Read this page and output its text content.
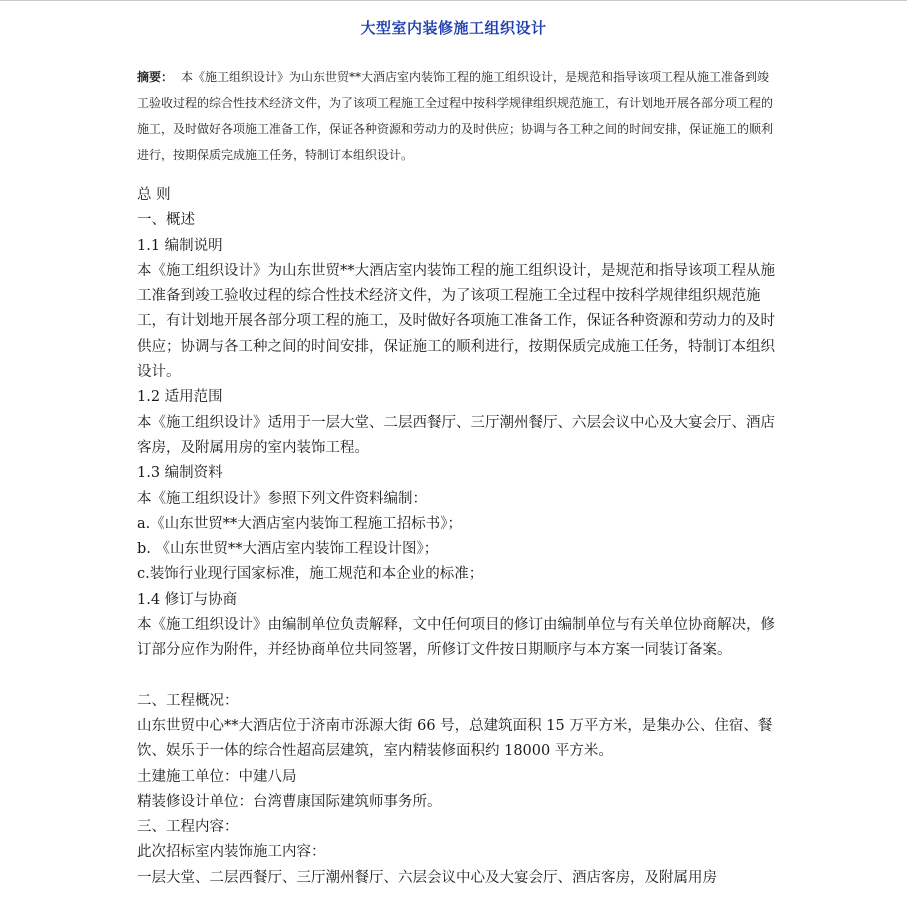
大型室内装修施工组织设计

摘要： 本《施工组织设计》为山东世贸**大酒店室内装饰工程的施工组织设计，是规范和指导该项工程从施工准备到竣工验收过程的综合性技术经济文件，为了该项工程施工全过程中按科学规律组织规范施工，有计划地开展各部分项工程的施工，及时做好各项施工准备工作，保证各种资源和劳动力的及时供应；协调与各工种之间的时间安排，保证施工的顺利进行，按期保质完成施工任务，特制订本组织设计。

总 则

一、概述

1.1 编制说明

本《施工组织设计》为山东世贸**大酒店室内装饰工程的施工组织设计，是规范和指导该项工程从施工准备到竣工验收过程的综合性技术经济文件，为了该项工程施工全过程中按科学规律组织规范施工，有计划地开展各部分项工程的施工，及时做好各项施工准备工作，保证各种资源和劳动力的及时供应；协调与各工种之间的时间安排，保证施工的顺利进行，按期保质完成施工任务，特制订本组织设计。

1.2 适用范围

本《施工组织设计》适用于一层大堂、二层西餐厅、三厅潮州餐厅、六层会议中心及大宴会厅、酒店客房，及附属用房的室内装饰工程。

1.3 编制资料

本《施工组织设计》参照下列文件资料编制：

a.《山东世贸**大酒店室内装饰工程施工招标书》；

b. 《山东世贸**大酒店室内装饰工程设计图》；

c.装饰行业现行国家标准，施工规范和本企业的标准；

1.4 修订与协商

本《施工组织设计》由编制单位负责解释，文中任何项目的修订由编制单位与有关单位协商解决，修订部分应作为附件，并经协商单位共同签署，所修订文件按日期顺序与本方案一同装订备案。

二、工程概况：

山东世贸中心**大酒店位于济南市泺源大街 66 号，总建筑面积 15 万平方米，是集办公、住宿、餐饮、娱乐于一体的综合性超高层建筑，室内精装修面积约 18000 平方米。

土建施工单位：中建八局

精装修设计单位：台湾曹康国际建筑师事务所。

三、工程内容：

此次招标室内装饰施工内容：

一层大堂、二层西餐厅、三厅潮州餐厅、六层会议中心及大宴会厅、酒店客房，及附属用房
